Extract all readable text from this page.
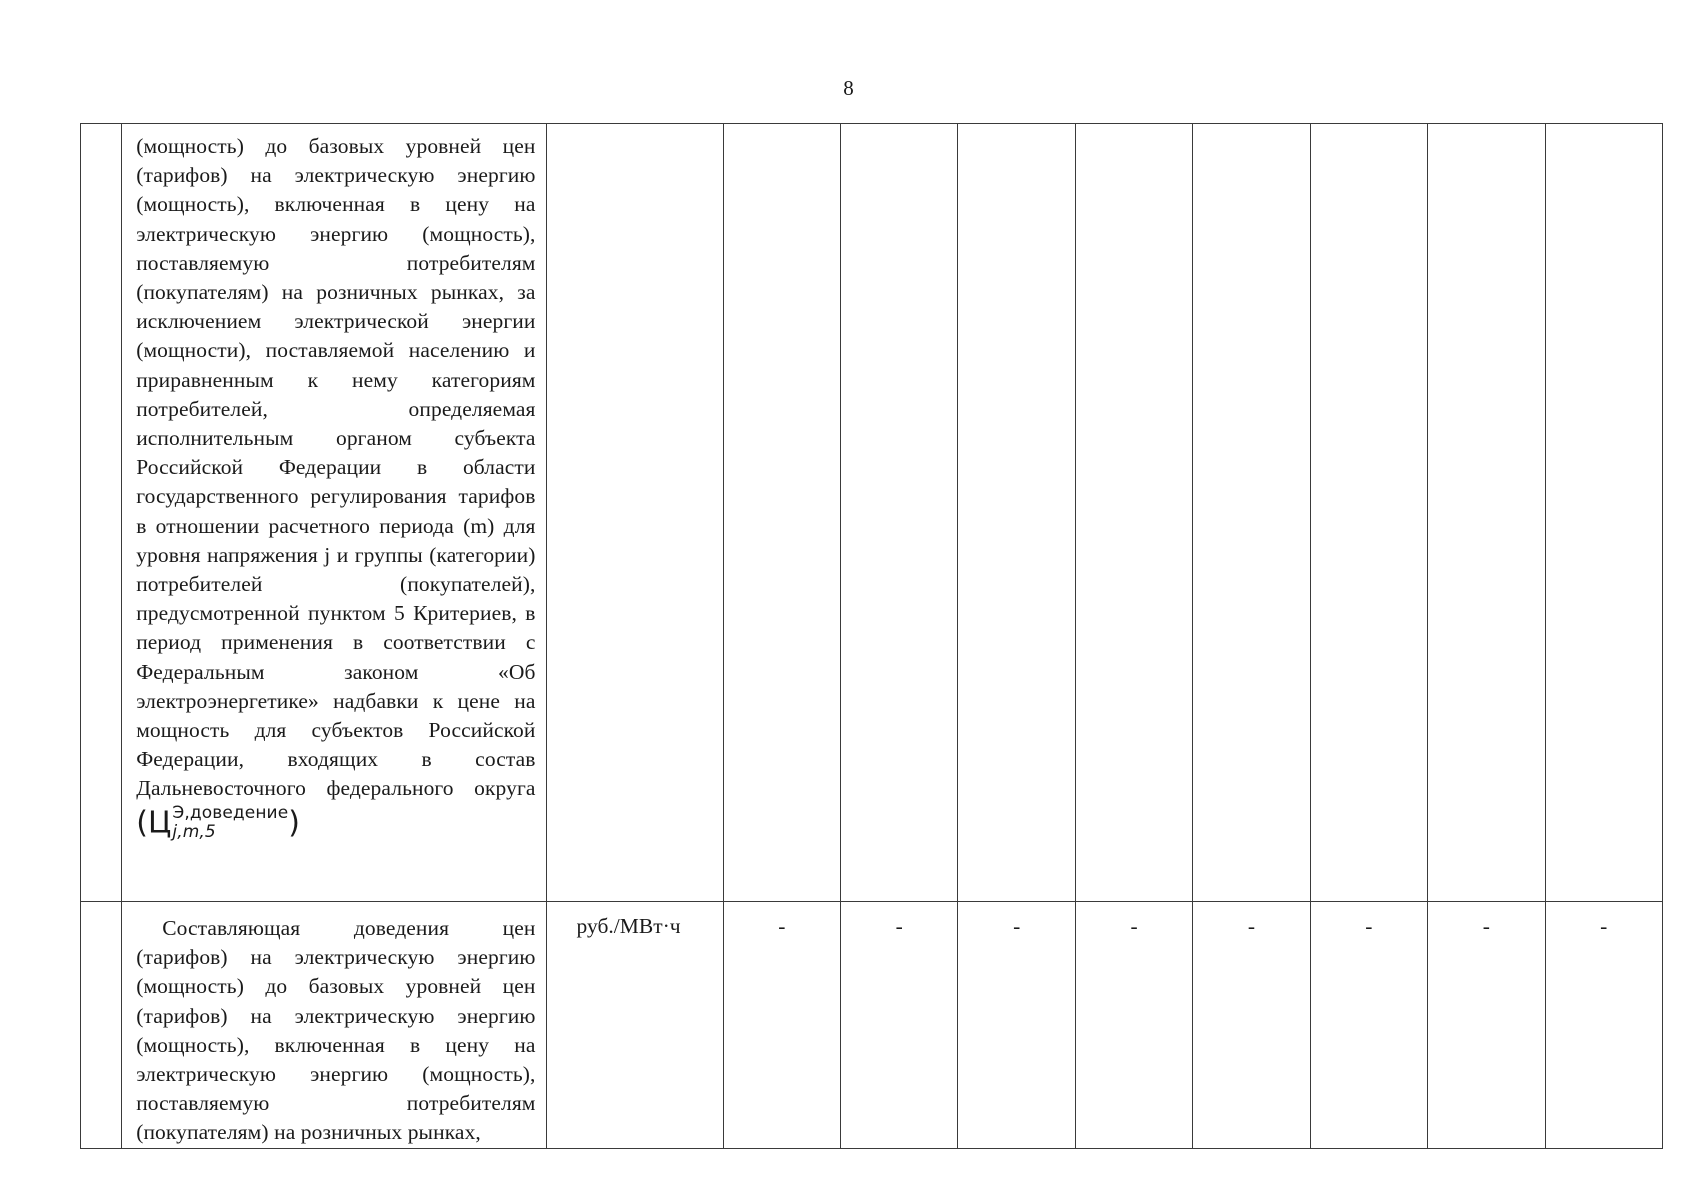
8

	(мощность) до базовых уровней цен (тарифов) на электрическую энергию (мощность), включенная в цену на электрическую энергию (мощность), поставляемую потребителям (покупателям) на розничных рынках, за исключением электрической энергии (мощности), поставляемой населению и приравненным к нему категориям потребителей, определяемая исполнительным органом субъекта Российской Федерации в области государственного регулирования тарифов в отношении расчетного периода (m) для уровня напряжения j и группы (категории) потребителей (покупателей), предусмотренной пунктом 5 Критериев, в период применения в соответствии с Федеральным законом «Об электроэнергетике» надбавки к цене на мощность для субъектов Российской Федерации, входящих в состав Дальневосточного федерального округа (Ц Э,доведение
j,m,5 )									

	Составляющая доведения цен (тарифов) на электрическую энергию (мощность) до базовых уровней цен (тарифов) на электрическую энергию (мощность), включенная в цену на электрическую энергию (мощность), поставляемую потребителям (покупателям) на розничных рынках,	руб./МВт·ч	-	-	-	-	-	-	-	-
